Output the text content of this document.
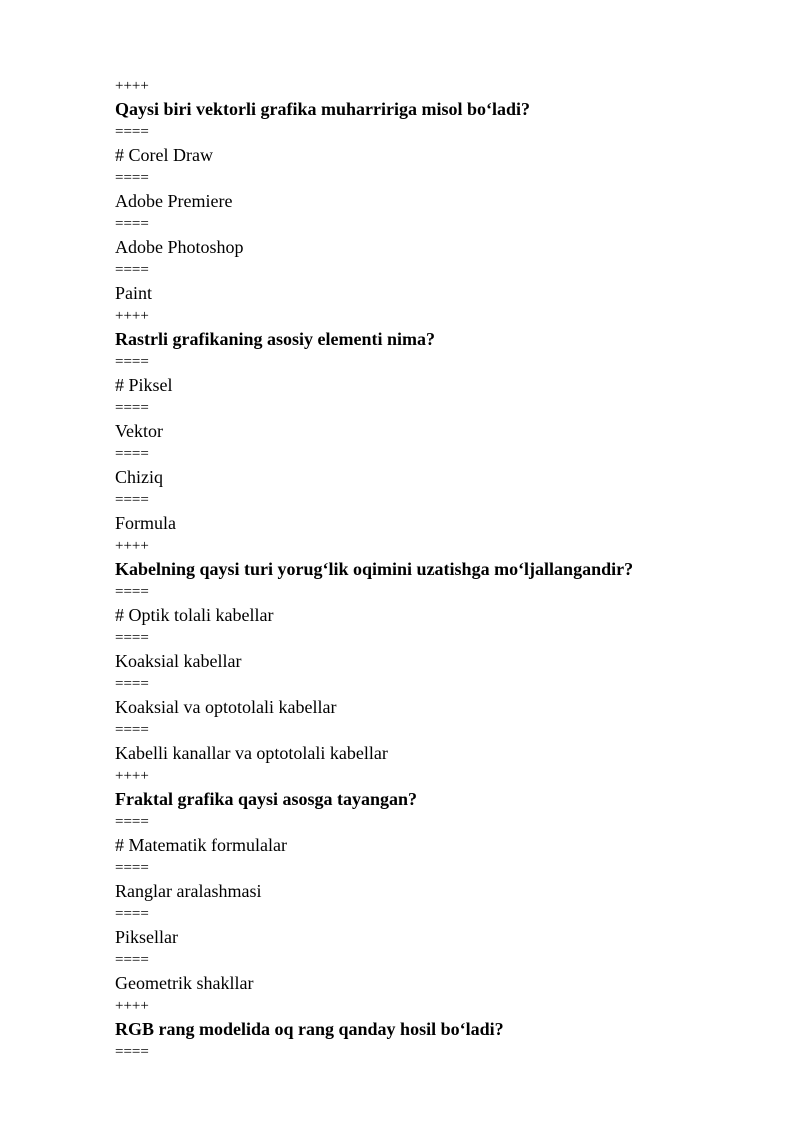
++++
Qaysi biri vektorli grafika muharririga misol bo‘ladi?
====
# Corel Draw
====
Adobe Premiere
====
Adobe Photoshop
====
Paint
++++
Rastrli grafikaning asosiy elementi nima?
====
# Piksel
====
Vektor
====
Chiziq
====
Formula
++++
Kabelning qaysi turi yorug‘lik oqimini uzatishga mo‘ljallangandir?
====
# Optik tolali kabellar
====
Koaksial kabellar
====
Koaksial va optotolali kabellar
====
Kabelli kanallar va optotolali kabellar
++++
Fraktal grafika qaysi asosga tayangan?
====
# Matematik formulalar
====
Ranglar aralashmasi
====
Piksellar
====
Geometrik shakllar
++++
RGB rang modelida oq rang qanday hosil bo‘ladi?
====
